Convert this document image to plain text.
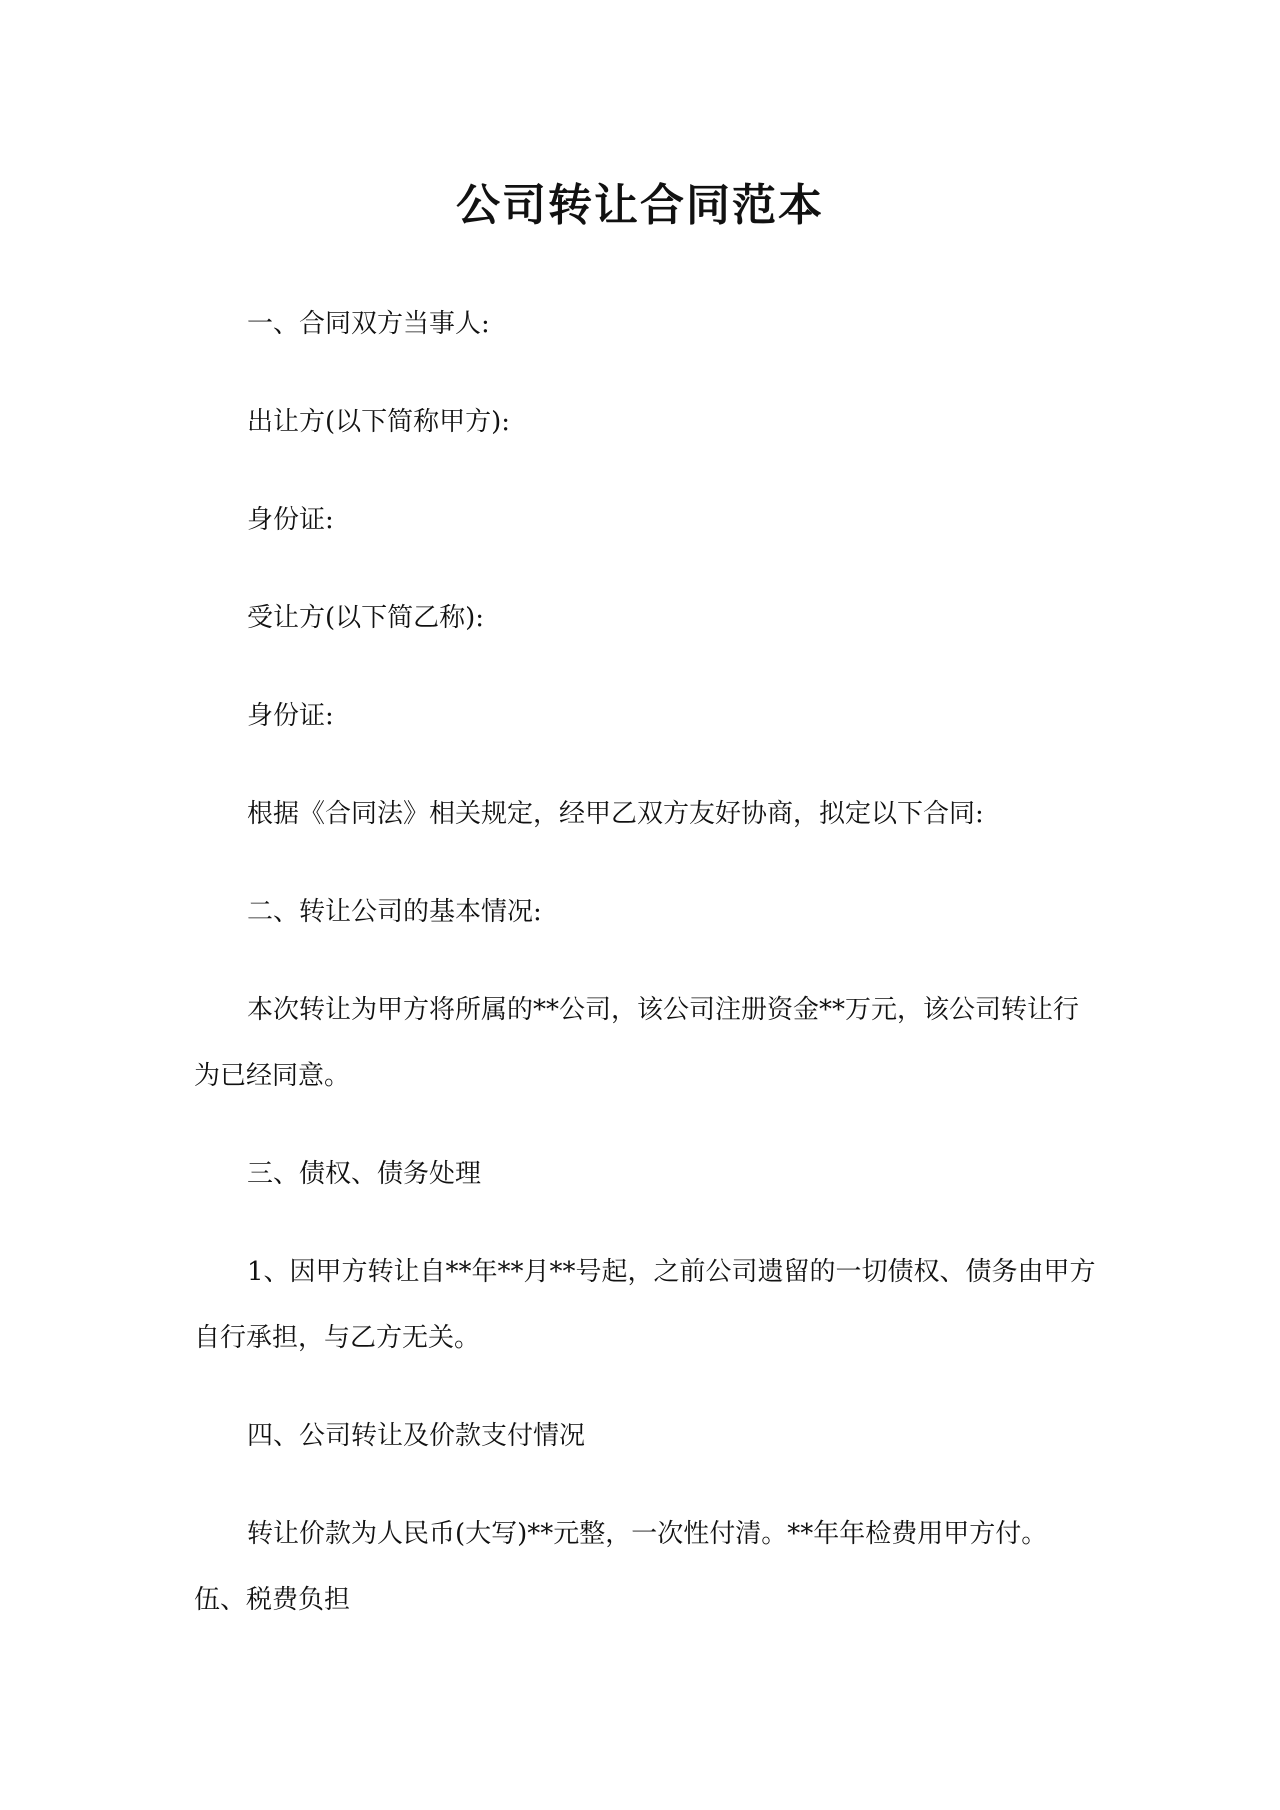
公司转让合同范本

一、合同双方当事人:

出让方(以下简称甲方):

身份证:

受让方(以下简乙称):

身份证:

根据《合同法》相关规定，经甲乙双方友好协商，拟定以下合同:

二、转让公司的基本情况:

本次转让为甲方将所属的**公司，该公司注册资金**万元，该公司转让行

为已经同意。

三、债权、债务处理

1、因甲方转让自**年**月**号起，之前公司遗留的一切债权、债务由甲方

自行承担，与乙方无关。

四、公司转让及价款支付情况

转让价款为人民币(大写)**元整，一次性付清。**年年检费用甲方付。

伍、税费负担
